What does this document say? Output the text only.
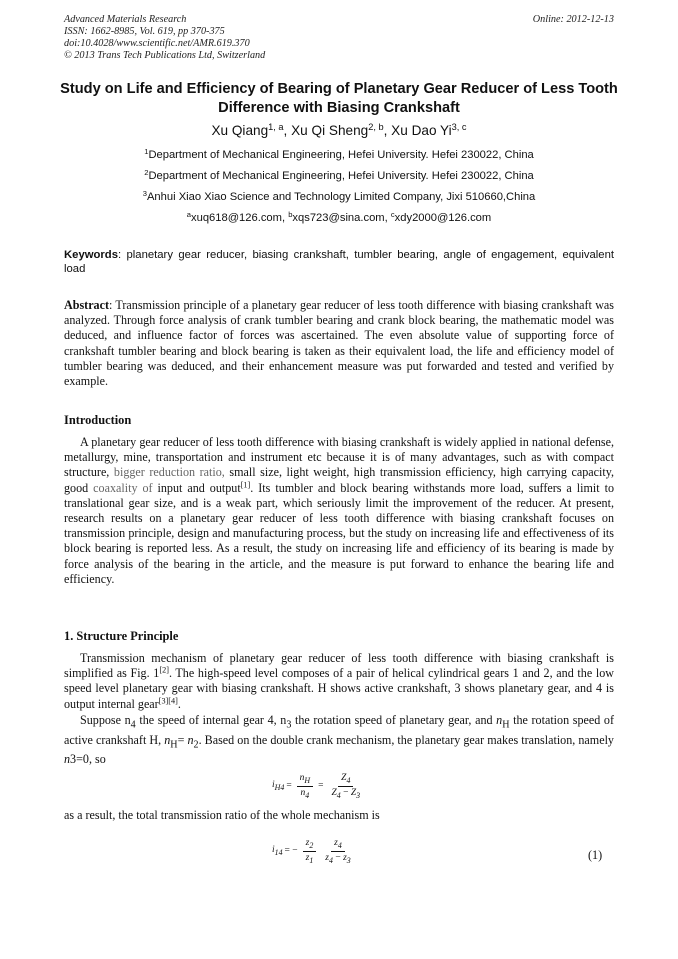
Advanced Materials Research
ISSN: 1662-8985, Vol. 619, pp 370-375
doi:10.4028/www.scientific.net/AMR.619.370
© 2013 Trans Tech Publications Ltd, Switzerland
Online: 2012-12-13
Study on Life and Efficiency of Bearing of Planetary Gear Reducer of Less Tooth Difference with Biasing Crankshaft
Xu Qiang$^{1, a}$, Xu Qi Sheng$^{2, b}$, Xu Dao Yi$^{3, c}$
$^1$Department of Mechanical Engineering, Hefei University. Hefei 230022, China
$^2$Department of Mechanical Engineering, Hefei University. Hefei 230022, China
$^3$Anhui Xiao Xiao Science and Technology Limited Company, Jixi 510660,China
$^a$xuq618@126.com, $^b$xqs723@sina.com, $^c$xdy2000@126.com
Keywords: planetary gear reducer, biasing crankshaft, tumbler bearing, angle of engagement, equivalent load
Abstract: Transmission principle of a planetary gear reducer of less tooth difference with biasing crankshaft was analyzed. Through force analysis of crank tumbler bearing and crank block bearing, the mathematic model was deduced, and influence factor of forces was ascertained. The even absolute value of supporting force of crankshaft tumbler bearing and block bearing is taken as their equivalent load, the life and efficiency model of tumbler bearing was deduced, and their enhancement measure was put forwarded and tested and verified by example.
Introduction
A planetary gear reducer of less tooth difference with biasing crankshaft is widely applied in national defense, metallurgy, mine, transportation and instrument etc because it is of many advantages, such as with compact structure, bigger reduction ratio, small size, light weight, high transmission efficiency, high carrying capacity, good coaxality of input and output[1]. Its tumbler and block bearing withstands more load, suffers a limit to translational gear size, and is a weak part, which seriously limit the improvement of the reducer. At present, research results on a planetary gear reducer of less tooth difference with biasing crankshaft focuses on transmission principle, design and manufacturing process, but the study on increasing life and effectiveness of its block bearing is reported less. As a result, the study on increasing life and efficiency of its bearing is made by force analysis of the bearing in the article, and the measure is put forward to enhance the bearing life and efficiency.
1. Structure Principle
Transmission mechanism of planetary gear reducer of less tooth difference with biasing crankshaft is simplified as Fig. 1[2]. The high-speed level composes of a pair of helical cylindrical gears 1 and 2, and the low speed level planetary gear with biasing crankshaft. H shows active crankshaft, 3 shows planetary gear, and 4 is output internal gear[3][4].
Suppose $n_4$ the speed of internal gear 4, $n_3$ the rotation speed of planetary gear, and $n_H$ the rotation speed of active crankshaft H, $n_H= n_2$. Based on the double crank mechanism, the planetary gear makes translation, namely n3=0, so
$i_{H4} = \frac{n_H}{n_4} = \frac{Z_4}{Z_4 - Z_3}$
as a result, the total transmission ratio of the whole mechanism is
$i_{14}$ = − $\frac{z_2}{z_1} \frac{z_4}{z_4 - z_3}$	(1)
